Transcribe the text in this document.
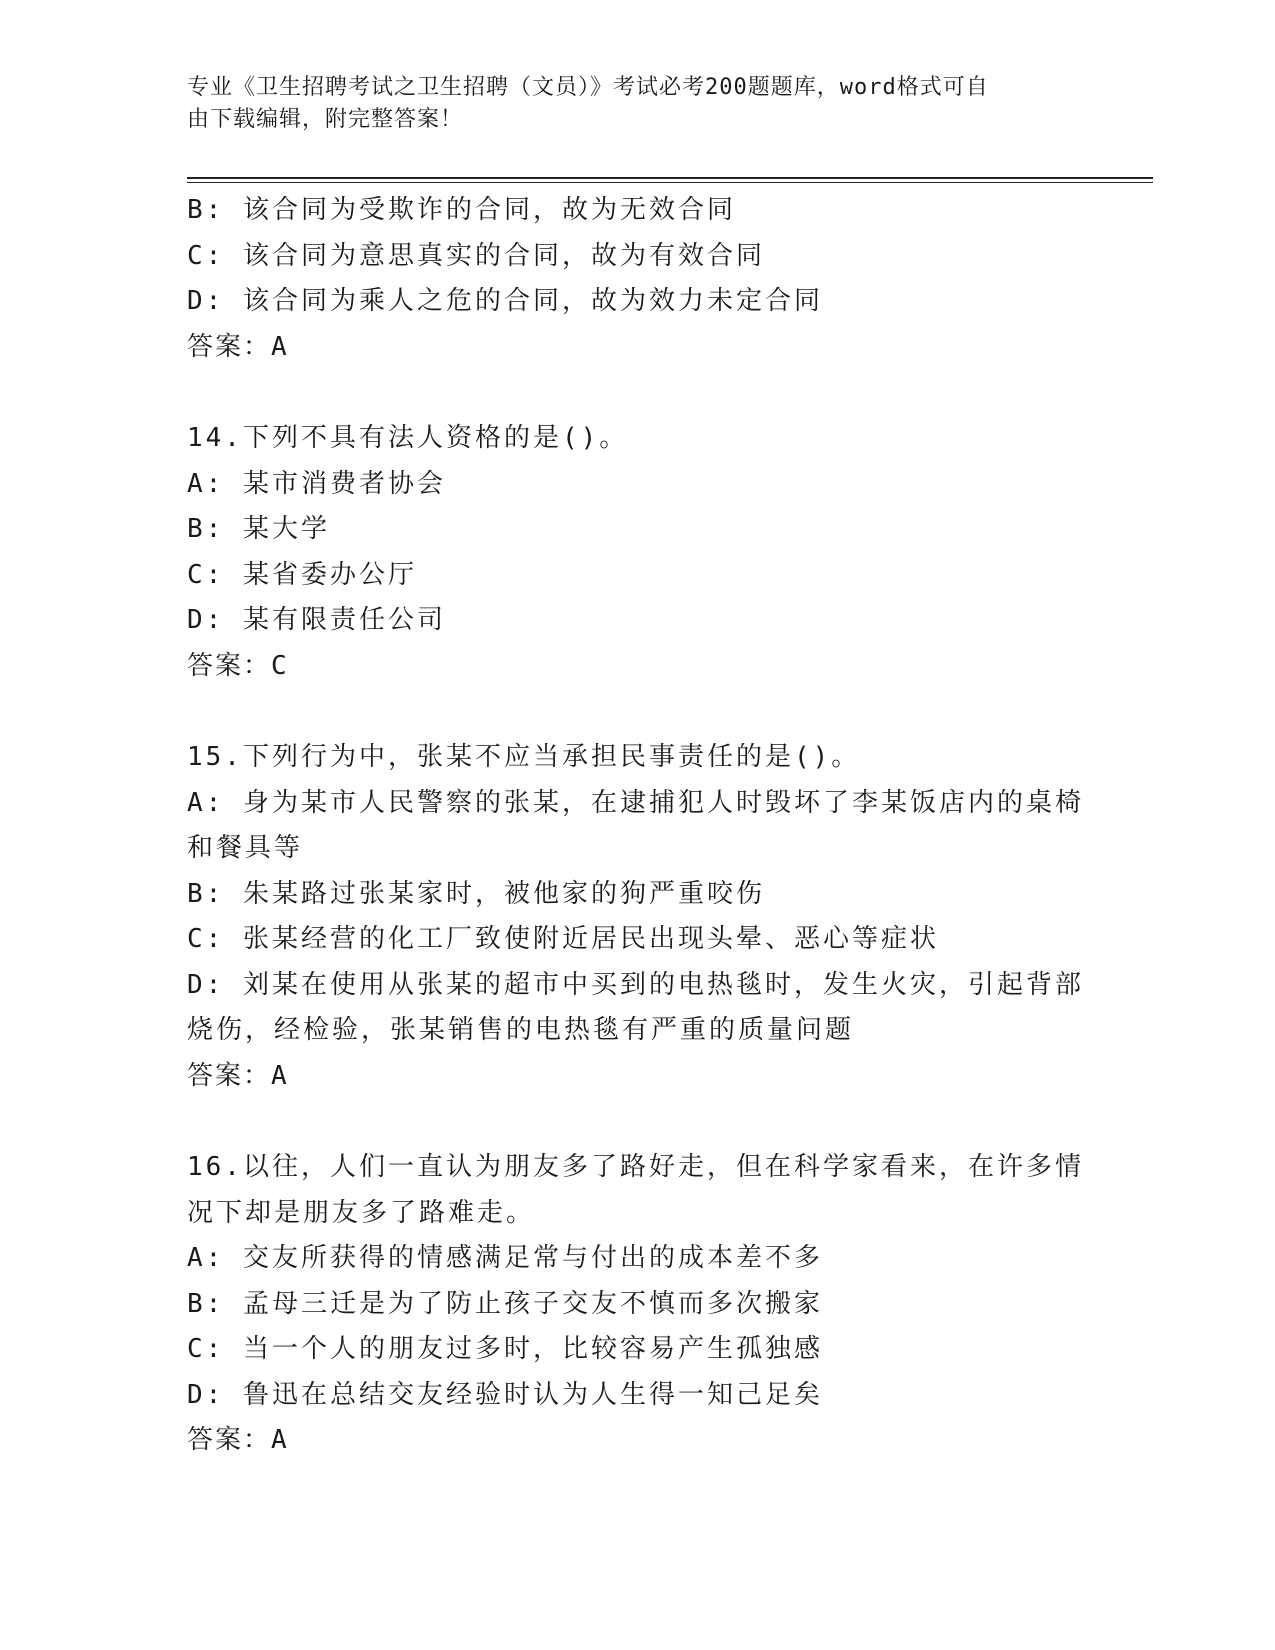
专业《卫生招聘考试之卫生招聘（文员）》考试必考200题题库，word格式可自
由下载编辑，附完整答案！
B: 该合同为受欺诈的合同，故为无效合同
C: 该合同为意思真实的合同，故为有效合同
D: 该合同为乘人之危的合同，故为效力未定合同
答案：A
14.下列不具有法人资格的是()。
A: 某市消费者协会
B: 某大学
C: 某省委办公厅
D: 某有限责任公司
答案：C
15.下列行为中，张某不应当承担民事责任的是()。
A: 身为某市人民警察的张某，在逮捕犯人时毁坏了李某饭店内的桌椅
和餐具等
B: 朱某路过张某家时，被他家的狗严重咬伤
C: 张某经营的化工厂致使附近居民出现头晕、恶心等症状
D: 刘某在使用从张某的超市中买到的电热毯时，发生火灾，引起背部
烧伤，经检验，张某销售的电热毯有严重的质量问题
答案：A
16.以往，人们一直认为朋友多了路好走，但在科学家看来，在许多情
况下却是朋友多了路难走。
A: 交友所获得的情感满足常与付出的成本差不多
B: 孟母三迁是为了防止孩子交友不慎而多次搬家
C: 当一个人的朋友过多时，比较容易产生孤独感
D: 鲁迅在总结交友经验时认为人生得一知己足矣
答案：A
